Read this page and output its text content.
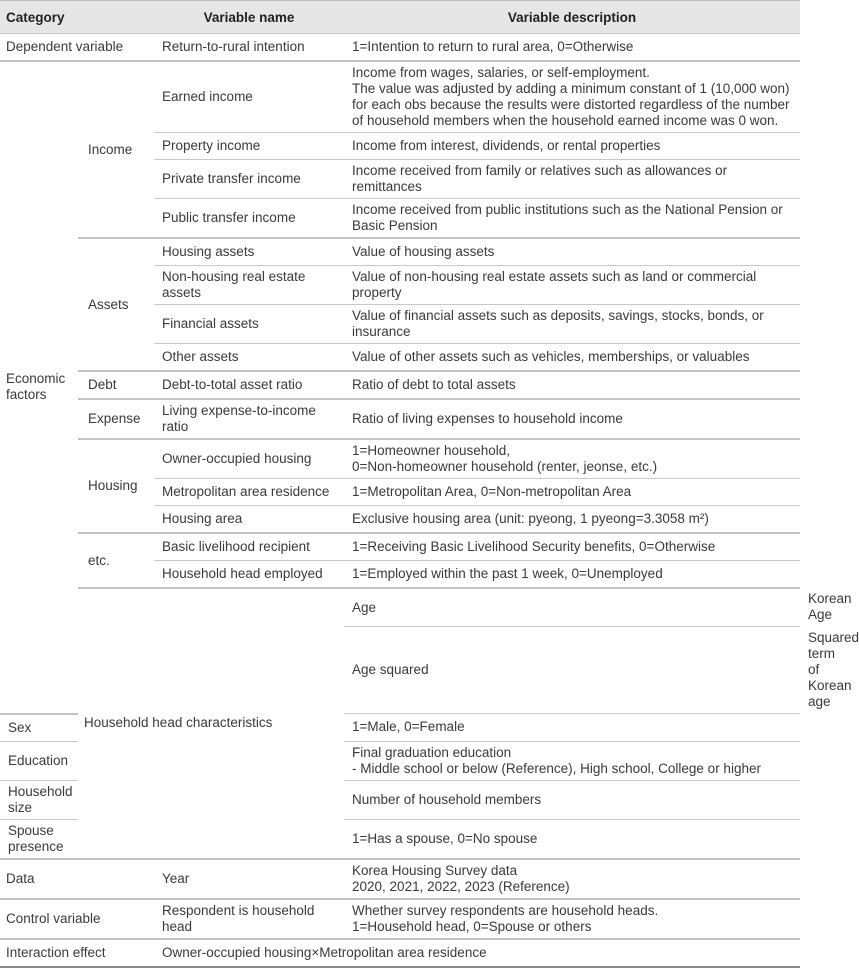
Category		Variable name	Variable description	
Dependent variable		Return-to-rural intention	1=Intention to return to rural area, 0=Otherwise	
Economic factors	Income	Earned income	Income from wages, salaries, or self-employment.
The value was adjusted by adding a minimum constant of 1 (10,000 won) for each obs because the results were distorted regardless of the number of household members when the household earned income was 0 won.	
		Property income	Income from interest, dividends, or rental properties	
		Private transfer income	Income received from family or relatives such as allowances or remittances	
		Public transfer income	Income received from public institutions such as the National Pension or Basic Pension	
	Assets	Housing assets	Value of housing assets	
		Non-housing real estate assets	Value of non-housing real estate assets such as land or commercial property	
		Financial assets	Value of financial assets such as deposits, savings, stocks, bonds, or insurance	
		Other assets	Value of other assets such as vehicles, memberships, or valuables	
	Debt	Debt-to-total asset ratio	Ratio of debt to total assets	
	Expense	Living expense-to-income ratio	Ratio of living expenses to household income	
	Housing	Owner-occupied housing	1=Homeowner household,
0=Non-homeowner household (renter, jeonse, etc.)	
		Metropolitan area residence	1=Metropolitan Area, 0=Non-metropolitan Area	
		Housing area	Exclusive housing area (unit: pyeong, 1 pyeong=3.3058 m²)	
	etc.	Basic livelihood recipient	1=Receiving Basic Livelihood Security benefits, 0=Otherwise	
		Household head employed	1=Employed within the past 1 week, 0=Unemployed	
	Household head characteristics		Age	Korean Age
			Age squared	Squared term of Korean age
Sex			1=Male, 0=Female	
Education			Final graduation education
- Middle school or below (Reference), High school, College or higher	
Household size			Number of household members	
Spouse presence			1=Has a spouse, 0=No spouse	
Data		Year	Korea Housing Survey data
2020, 2021, 2022, 2023 (Reference)	
Control variable		Respondent is household head	Whether survey respondents are household heads.
1=Household head, 0=Spouse or others	
Interaction effect		Owner-occupied housing×Metropolitan area residence		
